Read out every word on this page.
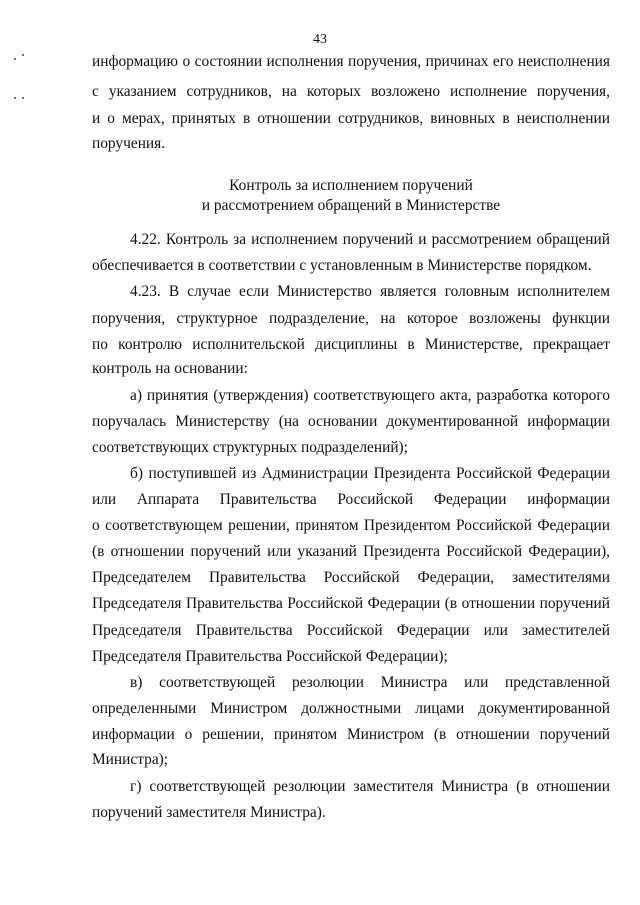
43
информацию о состоянии исполнения поручения, причинах его неисполнения
с указанием сотрудников, на которых возложено исполнение поручения,
и о мерах, принятых в отношении сотрудников, виновных в неисполнении
поручения.
Контроль за исполнением поручений
и рассмотрением обращений в Министерстве
4.22. Контроль за исполнением поручений и рассмотрением обращений
обеспечивается в соответствии с установленным в Министерстве порядком.
4.23. В случае если Министерство является головным исполнителем
поручения, структурное подразделение, на которое возложены функции
по контролю исполнительской дисциплины в Министерстве, прекращает
контроль на основании:
а) принятия (утверждения) соответствующего акта, разработка которого
поручалась Министерству (на основании документированной информации
соответствующих структурных подразделений);
б) поступившей из Администрации Президента Российской Федерации
или Аппарата Правительства Российской Федерации информации
о соответствующем решении, принятом Президентом Российской Федерации
(в отношении поручений или указаний Президента Российской Федерации),
Председателем Правительства Российской Федерации, заместителями
Председателя Правительства Российской Федерации (в отношении поручений
Председателя Правительства Российской Федерации или заместителей
Председателя Правительства Российской Федерации);
в) соответствующей резолюции Министра или представленной
определенными Министром должностными лицами документированной
информации о решении, принятом Министром (в отношении поручений
Министра);
г) соответствующей резолюции заместителя Министра (в отношении
поручений заместителя Министра).
